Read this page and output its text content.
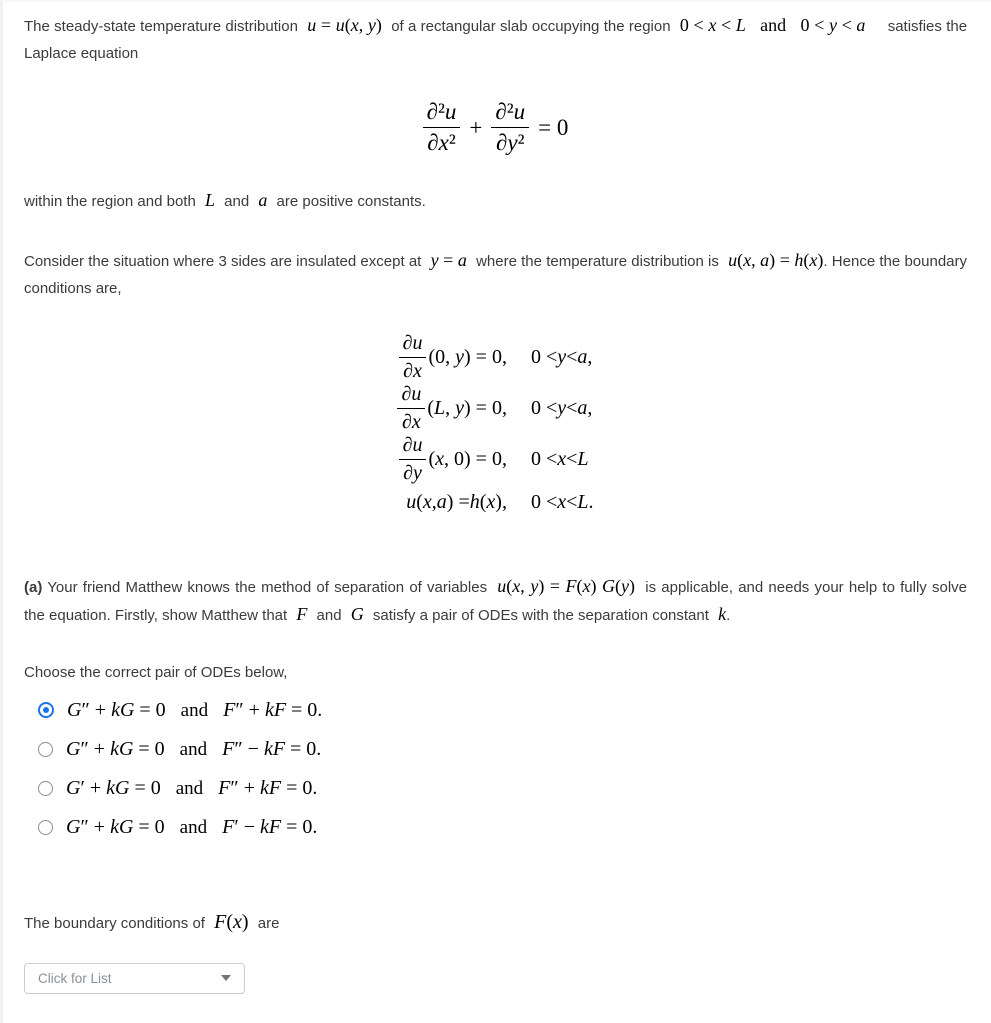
The steady-state temperature distribution u = u(x, y) of a rectangular slab occupying the region 0 < x < L and 0 < y < a satisfies the Laplace equation

$\frac{\text{∂²u}}{\text{∂x²}} + \frac{\text{∂²u}}{\text{∂y²}} = 0$

within the region and both L and a are positive constants.

Consider the situation where 3 sides are insulated except at y = a where the temperature distribution is u(x, a) = h(x). Hence the boundary conditions are,

$\frac{\partial u}{\partial x} (0$, y) = 0, 0 < y < a ,
$\frac{\partial u}{\partial x} (L$, y) = 0, 0 < y < a ,
$\frac{\partial u}{\partial y} (x$, 0) = 0, 0 < x < L
u ( x , a ) = h ( x ), 0 < x < L .

(a) Your friend Matthew knows the method of separation of variables u(x, y) = F(x) G(y) is applicable, and needs your help to fully solve the equation. Firstly, show Matthew that F and G satisfy a pair of ODEs with the separation constant k.

Choose the correct pair of ODEs below,

G″ + kG = 0 and F″ + kF = 0.
G″ + kG = 0 and F″ − kF = 0.
G′ + kG = 0 and F″ + kF = 0.
G″ + kG = 0 and F′ − kF = 0.

The boundary conditions of F(x) are

Click for List
